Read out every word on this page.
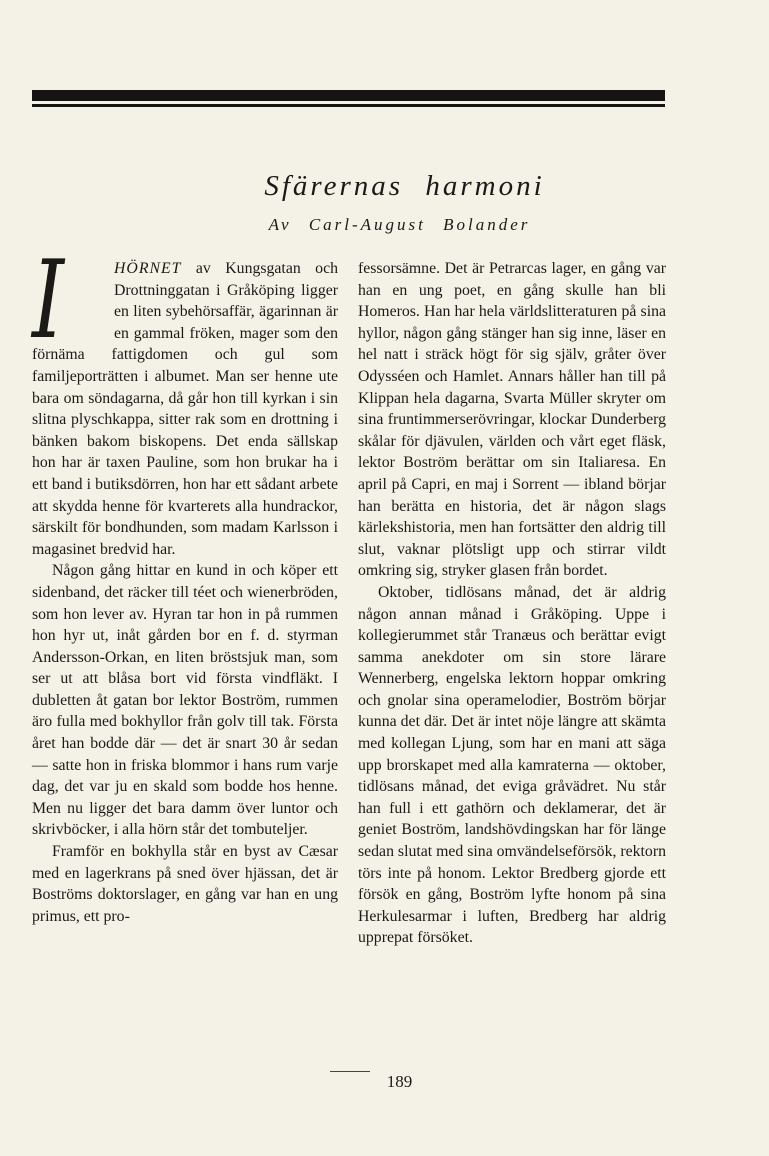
Sfärernas harmoni
Av Carl-August Bolander

I	HÖRNET av Kungsgatan och Drottninggatan i Gråköping ligger en liten sybehörsaffär, ägarinnan är en gammal fröken, mager som den förnäma fattigdomen och gul som familjeporträtten i albumet. Man ser henne ute bara om söndagarna, då går hon till kyrkan i sin slitna plyschkappa, sitter rak som en drottning i bänken bakom biskopens. Det enda sällskap hon har är taxen Pauline, som hon brukar ha i ett band i butiksdörren, hon har ett sådant arbete att skydda henne för kvarterets alla hundrackor, särskilt för bondhunden, som madam Karlsson i magasinet bredvid har.

Någon gång hittar en kund in och köper ett sidenband, det räcker till téet och wienerbröden, som hon lever av. Hyran tar hon in på rummen hon hyr ut, inåt gården bor en f. d. styrman Andersson-Orkan, en liten bröstsjuk man, som ser ut att blåsa bort vid första vindfläkt. I dubletten åt gatan bor lektor Boström, rummen äro fulla med bokhyllor från golv till tak. Första året han bodde där — det är snart 30 år sedan — satte hon in friska blommor i hans rum varje dag, det var ju en skald som bodde hos henne. Men nu ligger det bara damm över luntor och skrivböcker, i alla hörn står det tombuteljer.

Framför en bokhylla står en byst av Cæsar med en lagerkrans på sned över hjässan, det är Boströms doktorslager, en gång var han en ung primus, ett pro-

fessorsämne. Det är Petrarcas lager, en gång var han en ung poet, en gång skulle han bli Homeros. Han har hela världslitteraturen på sina hyllor, någon gång stänger han sig inne, läser en hel natt i sträck högt för sig själv, gråter över Odysséen och Hamlet. Annars håller han till på Klippan hela dagarna, Svarta Müller skryter om sina fruntimmerserövringar, klockar Dunderberg skålar för djävulen, världen och vårt eget fläsk, lektor Boström berättar om sin Italiaresa. En april på Capri, en maj i Sorrent — ibland börjar han berätta en historia, det är någon slags kärlekshistoria, men han fortsätter den aldrig till slut, vaknar plötsligt upp och stirrar vildt omkring sig, stryker glasen från bordet.

Oktober, tidlösans månad, det är aldrig någon annan månad i Gråköping. Uppe i kollegierummet står Tranæus och berättar evigt samma anekdoter om sin store lärare Wennerberg, engelska lektorn hoppar omkring och gnolar sina operamelodier, Boström börjar kunna det där. Det är intet nöje längre att skämta med kollegan Ljung, som har en mani att säga upp brorskapet med alla kamraterna — oktober, tidlösans månad, det eviga gråvädret. Nu står han full i ett gathörn och deklamerar, det är geniet Boström, landshövdingskan har för länge sedan slutat med sina omvändelseförsök, rektorn törs inte på honom. Lektor Bredberg gjorde ett försök en gång, Boström lyfte honom på sina Herkulesarmar i luften, Bredberg har aldrig upprepat försöket.

189
